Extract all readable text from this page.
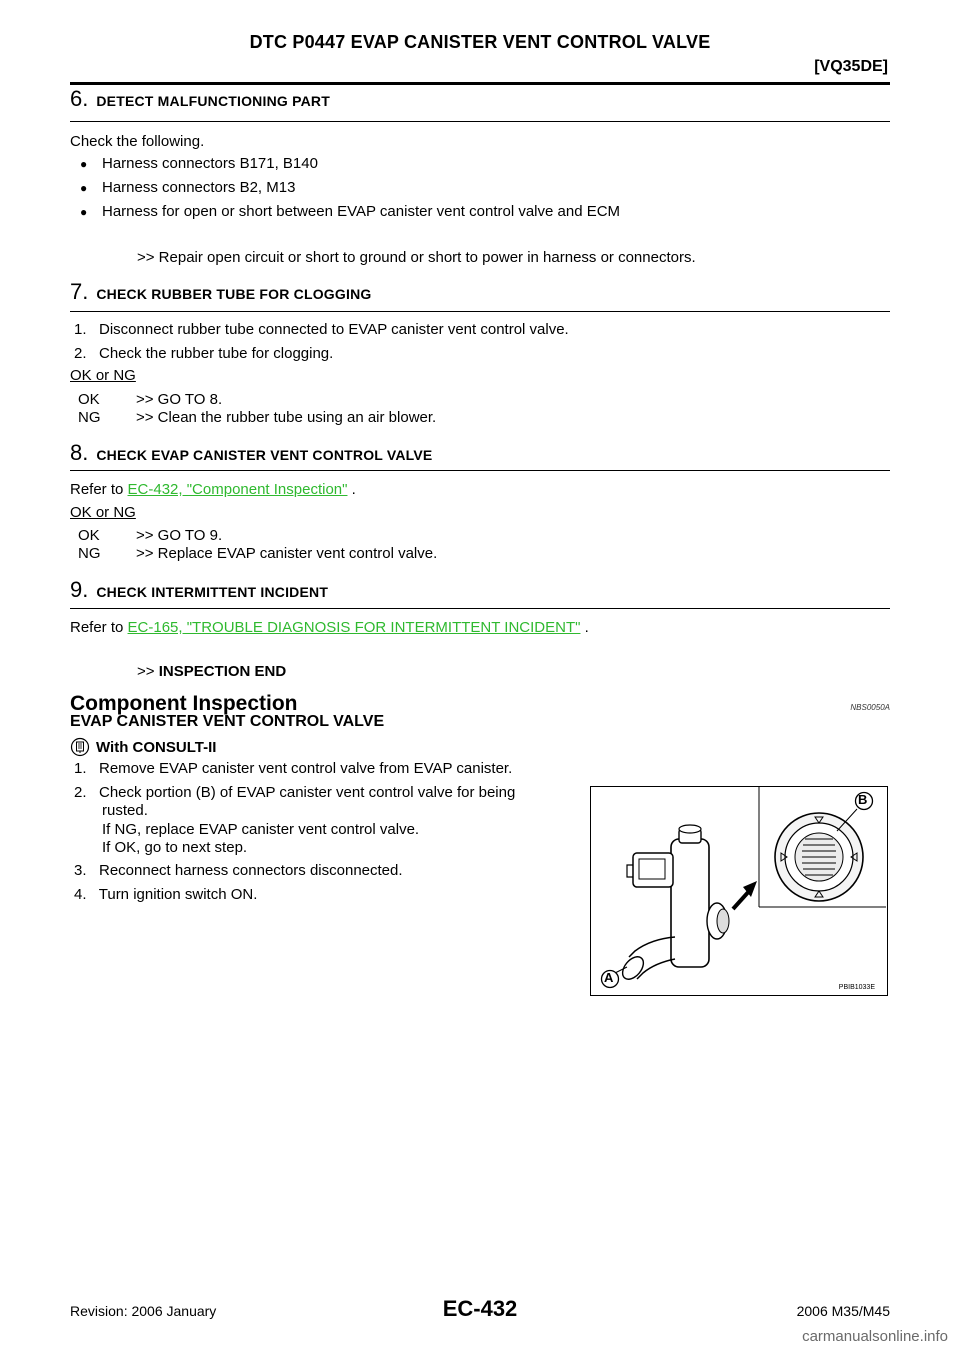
DTC P0447 EVAP CANISTER VENT CONTROL VALVE
[VQ35DE]
6. DETECT MALFUNCTIONING PART
Check the following.
● Harness connectors B171, B140
● Harness connectors B2, M13
● Harness for open or short between EVAP canister vent control valve and ECM
>> Repair open circuit or short to ground or short to power in harness or connectors.
7. CHECK RUBBER TUBE FOR CLOGGING
1.   Disconnect rubber tube connected to EVAP canister vent control valve.
2.   Check the rubber tube for clogging.
OK or NG
OK >> GO TO 8.
NG >> Clean the rubber tube using an air blower.
8. CHECK EVAP CANISTER VENT CONTROL VALVE
Refer to EC-432, "Component Inspection" .
OK or NG
OK >> GO TO 9.
NG >> Replace EVAP canister vent control valve.
9. CHECK INTERMITTENT INCIDENT
Refer to EC-165, "TROUBLE DIAGNOSIS FOR INTERMITTENT INCIDENT" .
>> INSPECTION END
Component Inspection	NBS0050A
EVAP CANISTER VENT CONTROL VALVE
With CONSULT-II
1.   Remove EVAP canister vent control valve from EVAP canister.
2.   Check portion (B) of EVAP canister vent control valve for being
rusted.
If NG, replace EVAP canister vent control valve.
If OK, go to next step.
3.   Reconnect harness connectors disconnected.
4.   Turn ignition switch ON.
B
A
PBIB1033E
Revision: 2006 January	EC-432	2006 M35/M45
carmanualsonline.info
